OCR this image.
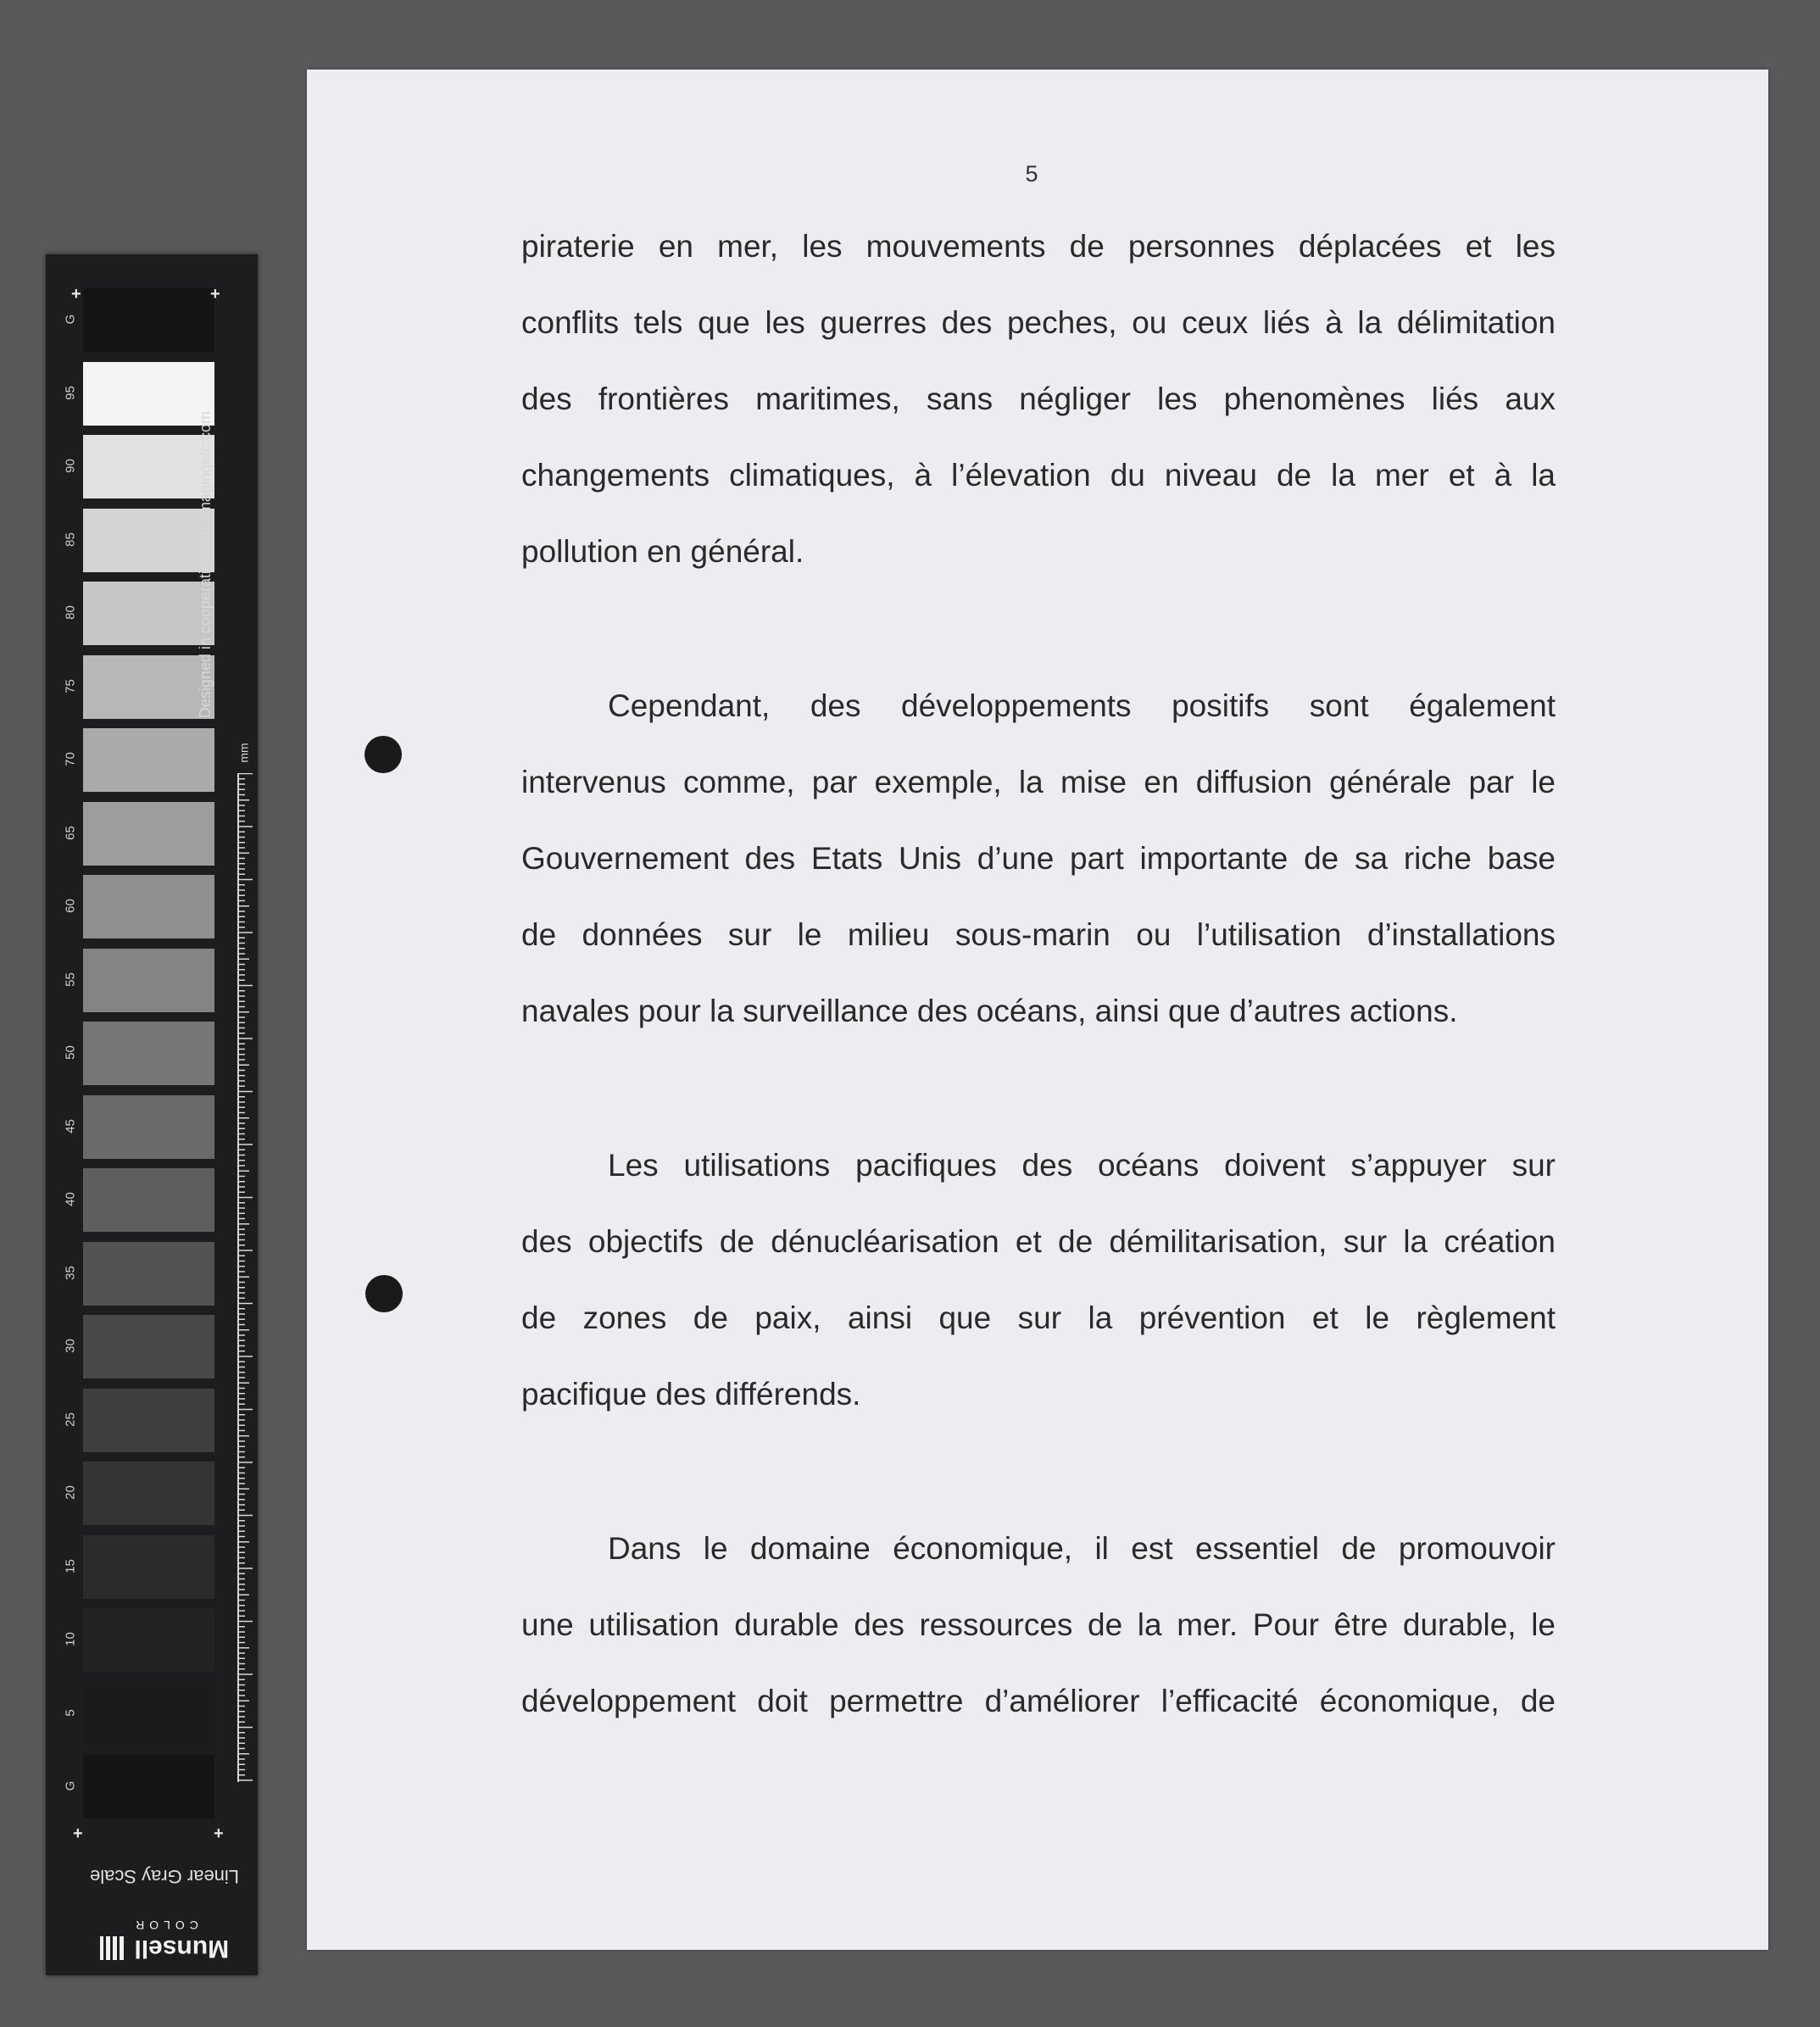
G
95
90
85
80
75
70
65
60
55
50
45
40
35
30
25
20
15
10
5
G
+	+
+	+
Designed in cooperation with imagingetc.com
mm
Linear Gray Scale
Munsell
COLOR
5
piraterie en mer, les mouvements de personnes déplacées et les
conflits tels que les guerres des peches, ou ceux liés à la délimitation
des frontières maritimes, sans négliger les phenomènes liés aux
changements climatiques, à l’élevation du niveau de la mer et à la
pollution en général.
Cependant, des développements positifs sont également
intervenus comme, par exemple, la mise en diffusion générale par le
Gouvernement des Etats Unis d’une part importante de sa riche base
de données sur le milieu sous-marin ou l’utilisation d’installations
navales pour la surveillance des océans, ainsi que d’autres actions.
Les utilisations pacifiques des océans doivent s’appuyer sur
des objectifs de dénucléarisation et de démilitarisation, sur la création
de zones de paix, ainsi que sur la prévention et le règlement
pacifique des différends.
Dans le domaine économique, il est essentiel de promouvoir
une utilisation durable des ressources de la mer. Pour être durable, le
développement doit permettre d’améliorer l’efficacité économique, de
